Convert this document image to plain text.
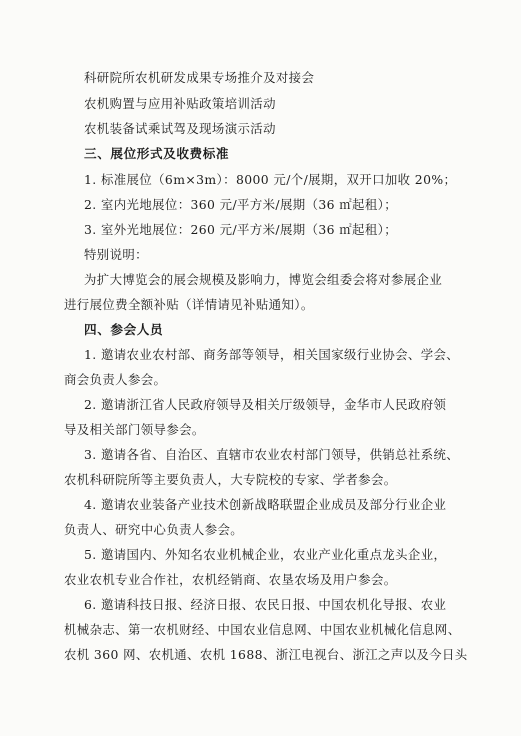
科研院所农机研发成果专场推介及对接会
农机购置与应用补贴政策培训活动
农机装备试乘试驾及现场演示活动
三、展位形式及收费标准
1. 标准展位（6m×3m）：8000 元/个/展期，双开口加收 20%；
2. 室内光地展位：360 元/平方米/展期（36 ㎡起租）；
3. 室外光地展位：260 元/平方米/展期（36 ㎡起租）；
特别说明：
为扩大博览会的展会规模及影响力，博览会组委会将对参展企业
进行展位费全额补贴（详情请见补贴通知）。
四、参会人员
1. 邀请农业农村部、商务部等领导，相关国家级行业协会、学会、
商会负责人参会。
2. 邀请浙江省人民政府领导及相关厅级领导，金华市人民政府领
导及相关部门领导参会。
3. 邀请各省、自治区、直辖市农业农村部门领导，供销总社系统、
农机科研院所等主要负责人，大专院校的专家、学者参会。
4. 邀请农业装备产业技术创新战略联盟企业成员及部分行业企业
负责人、研究中心负责人参会。
5. 邀请国内、外知名农业机械企业，农业产业化重点龙头企业，
农业农机专业合作社，农机经销商、农垦农场及用户参会。
6. 邀请科技日报、经济日报、农民日报、中国农机化导报、农业
机械杂志、第一农机财经、中国农业信息网、中国农业机械化信息网、
农机 360 网、农机通、农机 1688、浙江电视台、浙江之声以及今日头
